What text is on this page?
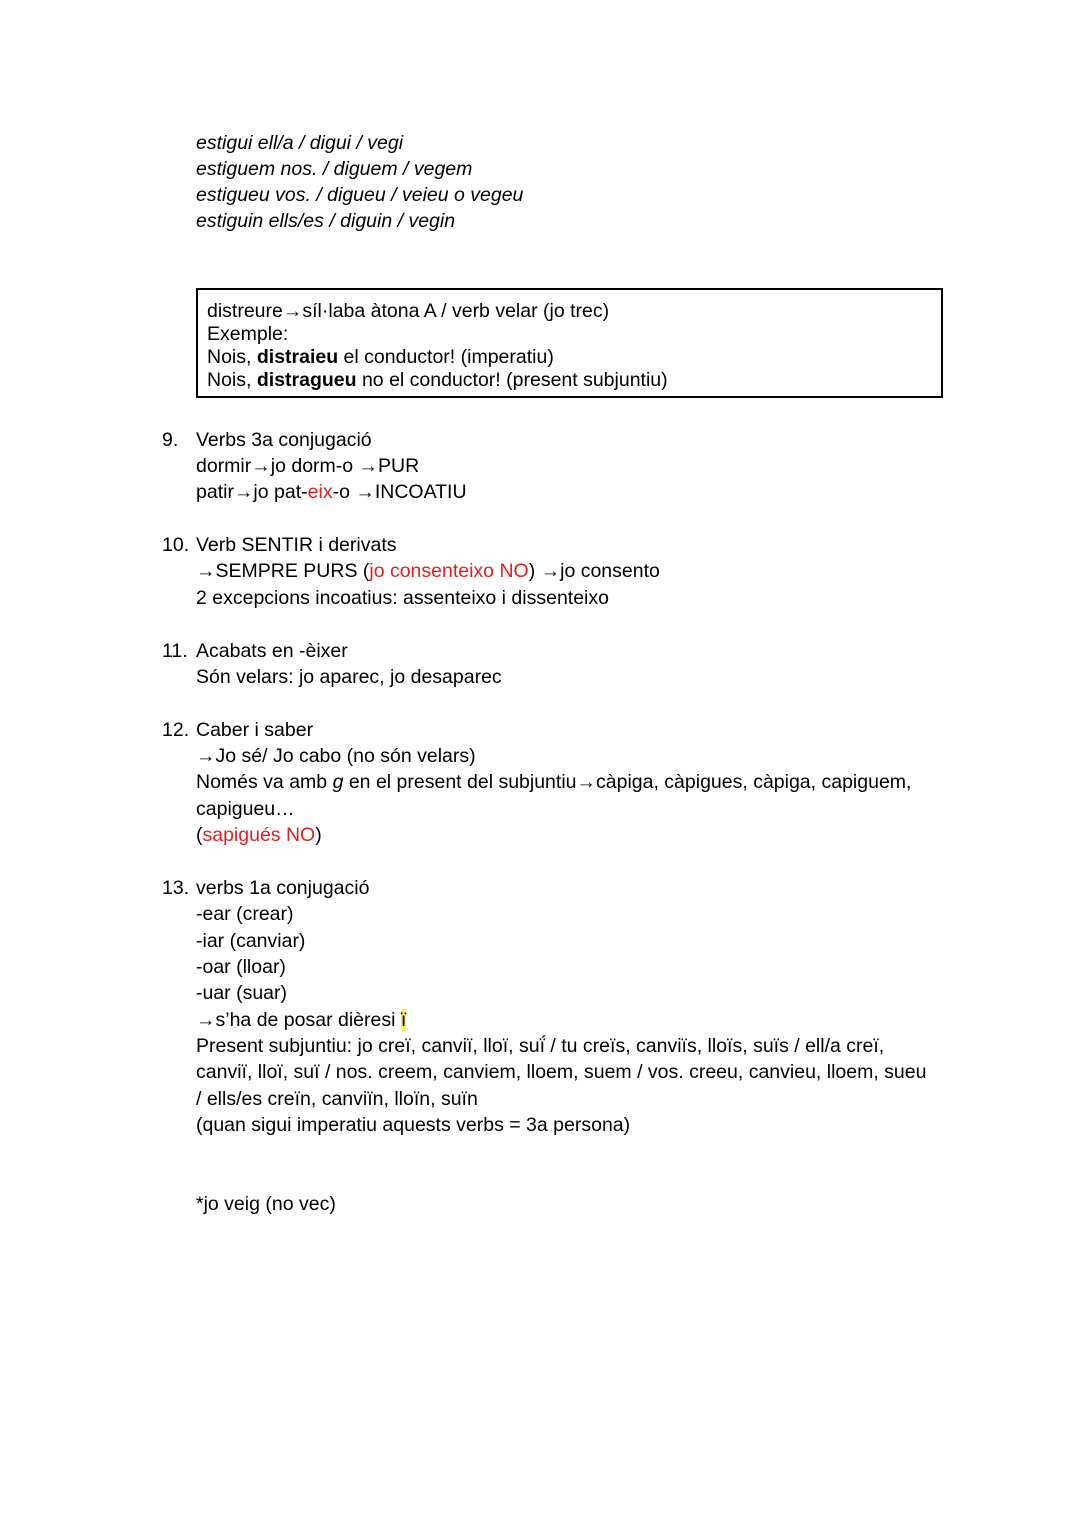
estigui ell/a / digui / vegi
estiguem nos. / diguem / vegem
estigueu vos. / digueu / veieu o vegeu
estiguin ells/es / diguin / vegin
distreure→síl·laba àtona A / verb velar (jo trec)
Exemple:
Nois, distraieu el conductor! (imperatiu)
Nois, distragueu no el conductor! (present subjuntiu)
9. Verbs 3a conjugació
dormir→jo dorm-o →PUR
patir→jo pat-eix-o →INCOATIU
10. Verb SENTIR i derivats
→SEMPRE PURS (jo consenteixo NO) →jo consento
2 excepcions incoatius: assenteixo i dissenteixo
11. Acabats en -èixer
Són velars: jo aparec, jo desaparec
12. Caber i saber
→Jo sé/ Jo cabo (no són velars)
Només va amb g en el present del subjuntiu→càpiga, càpigues, càpiga, capiguem,
capigueu…
(sapigués NO)
13. verbs 1a conjugació
-ear (crear)
-iar (canviar)
-oar (lloar)
-uar (suar)
→s’ha de posar dièresi ï
Present subjuntiu: jo creï, canviï, lloï, suḯ / tu creïs, canviïs, lloïs, suïs / ell/a creï,
canviï, lloï, suï / nos. creem, canviem, lloem, suem / vos. creeu, canvieu, lloem, sueu
/ ells/es creïn, canviïn, lloïn, suïn
(quan sigui imperatiu aquests verbs = 3a persona)
*jo veig (no vec)
